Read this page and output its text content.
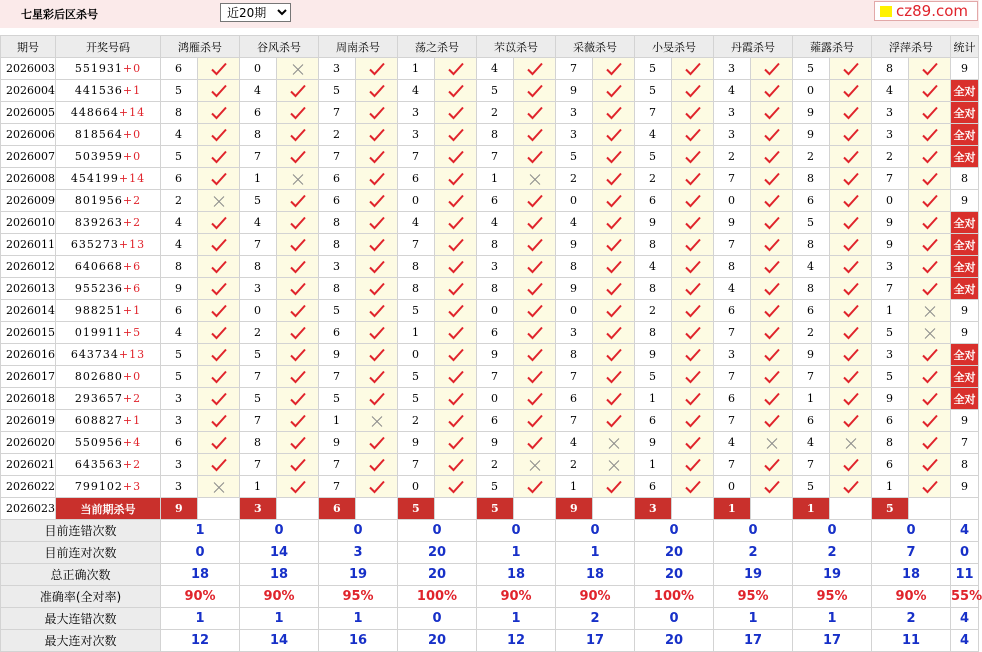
七星彩后区杀号
近20期	cz89.com
期号	开奖号码	鸿雁杀号		谷风杀号		周南杀号		荡之杀号		芣苡杀号		采薇杀号		小旻杀号		丹霞杀号		蕹露杀号		浮萍杀号		统计
2026003	551931+0	6		0		3		1		4		7		5		3		5		8		9
2026004	441536+1	5		4		5		4		5		9		5		4		0		4		全对
2026005	448664+14	8		6		7		3		2		3		7		3		9		3		全对
2026006	818564+0	4		8		2		3		8		3		4		3		9		3		全对
2026007	503959+0	5		7		7		7		7		5		5		2		2		2		全对
2026008	454199+14	6		1		6		6		1		2		2		7		8		7		8
2026009	801956+2	2		5		6		0		6		0		6		0		6		0		9
2026010	839263+2	4		4		8		4		4		4		9		9		5		9		全对
2026011	635273+13	4		7		8		7		8		9		8		7		8		9		全对
2026012	640668+6	8		8		3		8		3		8		4		8		4		3		全对
2026013	955236+6	9		3		8		8		8		9		8		4		8		7		全对
2026014	988251+1	6		0		5		5		0		0		2		6		6		1		9
2026015	019911+5	4		2		6		1		6		3		8		7		2		5		9
2026016	643734+13	5		5		9		0		9		8		9		3		9		3		全对
2026017	802680+0	5		7		7		5		7		7		5		7		7		5		全对
2026018	293657+2	3		5		5		5		0		6		1		6		1		9		全对
2026019	608827+1	3		7		1		2		6		7		6		7		6		6		9
2026020	550956+4	6		8		9		9		9		4		9		4		4		8		7
2026021	643563+2	3		7		7		7		2		2		1		7		7		6		8
2026022	799102+3	3		1		7		0		5		1		6		0		5		1		9
2026023	当前期杀号	9		3		6		5		5		9		3		1		1		5		
目前连错次数		1		0		0		0		0		0		0		0		0		0		4
目前连对次数		0		14		3		20		1		1		20		2		2		7		0
总正确次数		18		18		19		20		18		18		20		19		19		18		11
准确率(全对率)		90%		90%		95%		100%		90%		90%		100%		95%		95%		90%		55%
最大连错次数		1		1		1		0		1		2		0		1		1		2		4
最大连对次数		12		14		16		20		12		17		20		17		17		11		4
